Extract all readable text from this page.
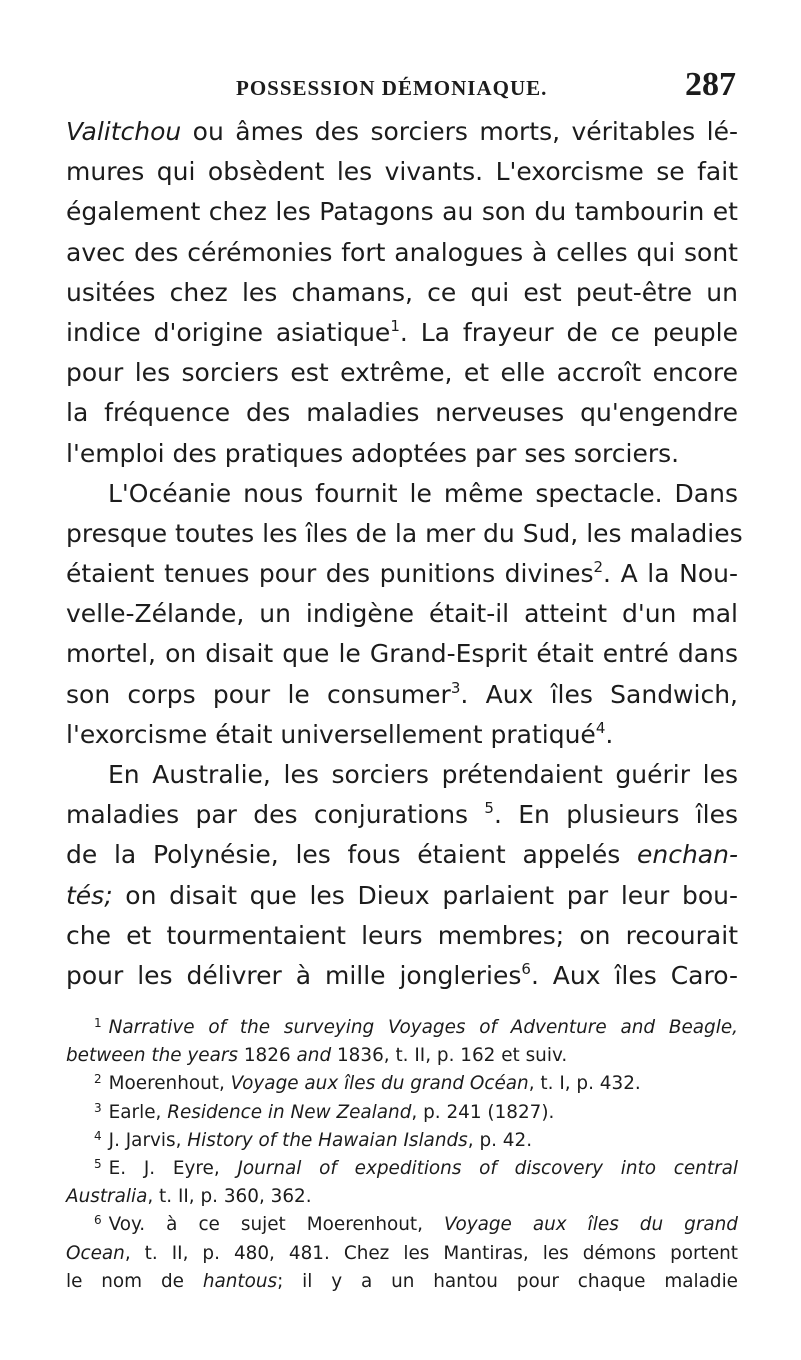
POSSESSION DÉMONIAQUE.	287
Valitchou ou âmes des sorciers morts, véritables lé-
mures qui obsèdent les vivants. L'exorcisme se fait
également chez les Patagons au son du tambourin et
avec des cérémonies fort analogues à celles qui sont
usitées chez les chamans, ce qui est peut-être un
indice d'origine asiatique$^1$. La frayeur de ce peuple
pour les sorciers est extrême, et elle accroît encore
la fréquence des maladies nerveuses qu'engendre
l'emploi des pratiques adoptées par ses sorciers.
L'Océanie nous fournit le même spectacle. Dans
presque toutes les îles de la mer du Sud, les maladies
étaient tenues pour des punitions divines$^2$. A la Nou-
velle-Zélande, un indigène était-il atteint d'un mal
mortel, on disait que le Grand-Esprit était entré dans
son corps pour le consumer$^3$. Aux îles Sandwich,
l'exorcisme était universellement pratiqué$^4$.
En Australie, les sorciers prétendaient guérir les
maladies par des conjurations $^5$. En plusieurs îles
de la Polynésie, les fous étaient appelés enchan-
tés; on disait que les Dieux parlaient par leur bou-
che et tourmentaient leurs membres; on recourait
pour les délivrer à mille jongleries$^6$. Aux îles Caro-
$^1$ Narrative of the surveying Voyages of Adventure and Beagle,
between the years 1826 and 1836, t. II, p. 162 et suiv.
$^2$ Moerenhout, Voyage aux îles du grand Océan, t. I, p. 432.
$^3$ Earle, Residence in New Zealand, p. 241 (1827).
$^4$ J. Jarvis, History of the Hawaian Islands, p. 42.
$^5$ E. J. Eyre, Journal of expeditions of discovery into central
Australia, t. II, p. 360, 362.
$^6$ Voy. à ce sujet Moerenhout, Voyage aux îles du grand
Ocean, t. II, p. 480, 481. Chez les Mantiras, les démons portent
le nom de hantous; il y a un hantou pour chaque maladie
